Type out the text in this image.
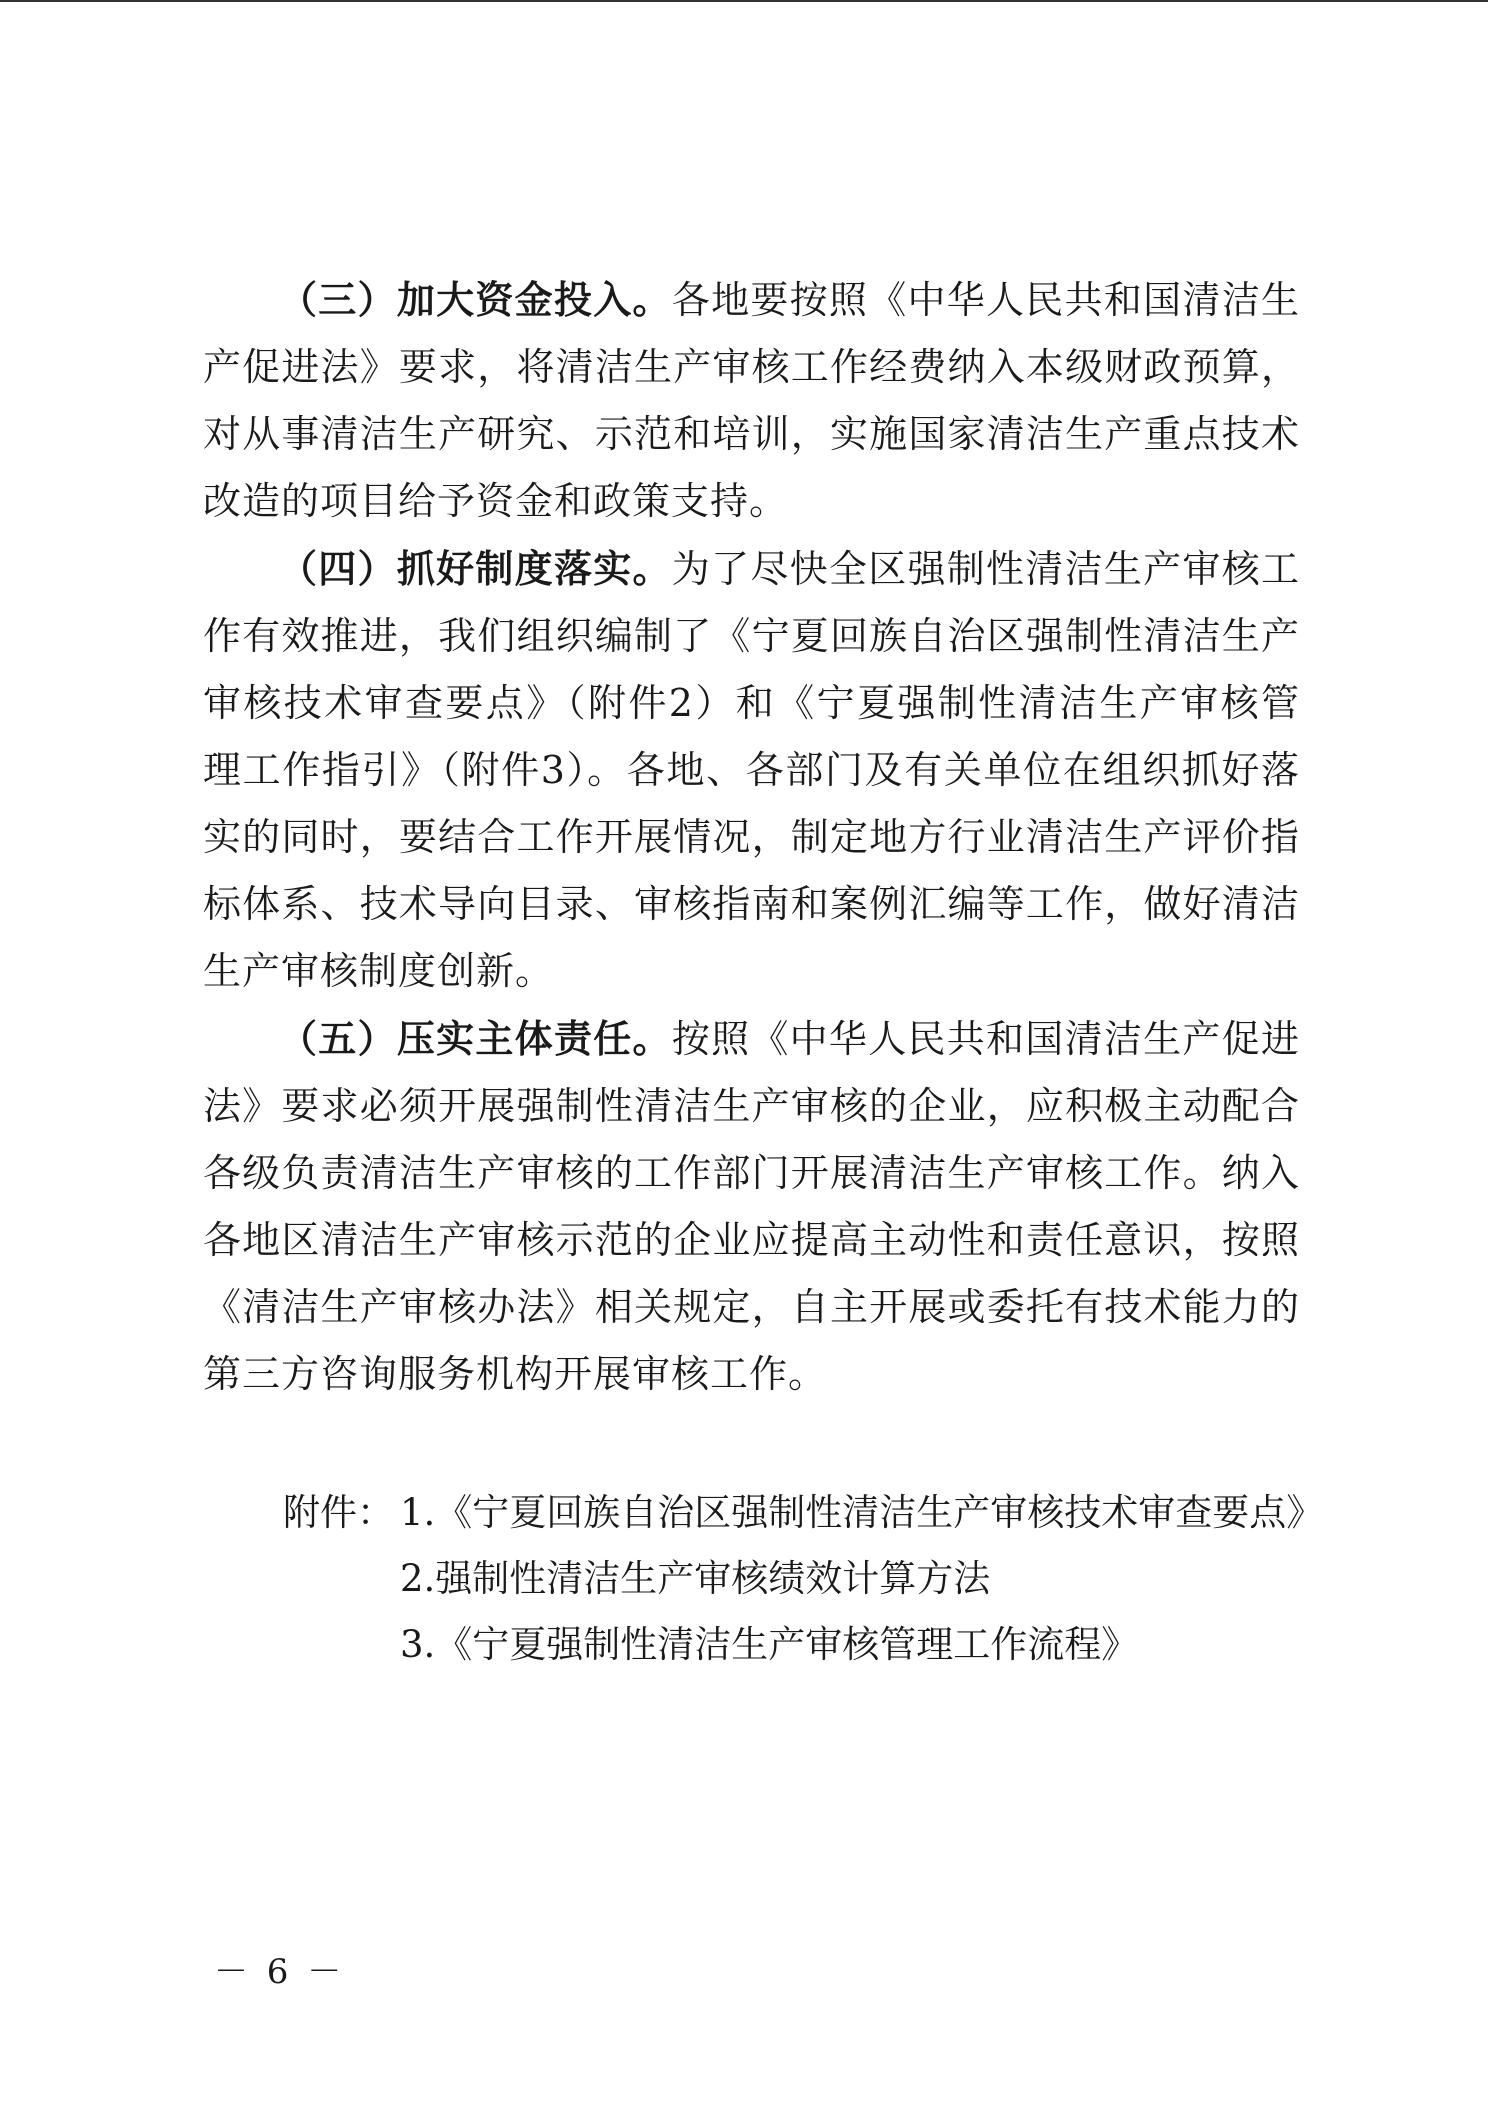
（三）加大资金投入。各地要按照《中华人民共和国清洁生产促进法》要求，将清洁生产审核工作经费纳入本级财政预算，对从事清洁生产研究、示范和培训，实施国家清洁生产重点技术改造的项目给予资金和政策支持。

（四）抓好制度落实。为了尽快全区强制性清洁生产审核工作有效推进，我们组织编制了《宁夏回族自治区强制性清洁生产审核技术审查要点》（附件2）和《宁夏强制性清洁生产审核管理工作指引》（附件3）。各地、各部门及有关单位在组织抓好落实的同时，要结合工作开展情况，制定地方行业清洁生产评价指标体系、技术导向目录、审核指南和案例汇编等工作，做好清洁生产审核制度创新。

（五）压实主体责任。按照《中华人民共和国清洁生产促进法》要求必须开展强制性清洁生产审核的企业，应积极主动配合各级负责清洁生产审核的工作部门开展清洁生产审核工作。纳入各地区清洁生产审核示范的企业应提高主动性和责任意识，按照《清洁生产审核办法》相关规定，自主开展或委托有技术能力的第三方咨询服务机构开展审核工作。

附件： 1.《宁夏回族自治区强制性清洁生产审核技术审查要点》
2.强制性清洁生产审核绩效计算方法
3.《宁夏强制性清洁生产审核管理工作流程》
－ 6 －
